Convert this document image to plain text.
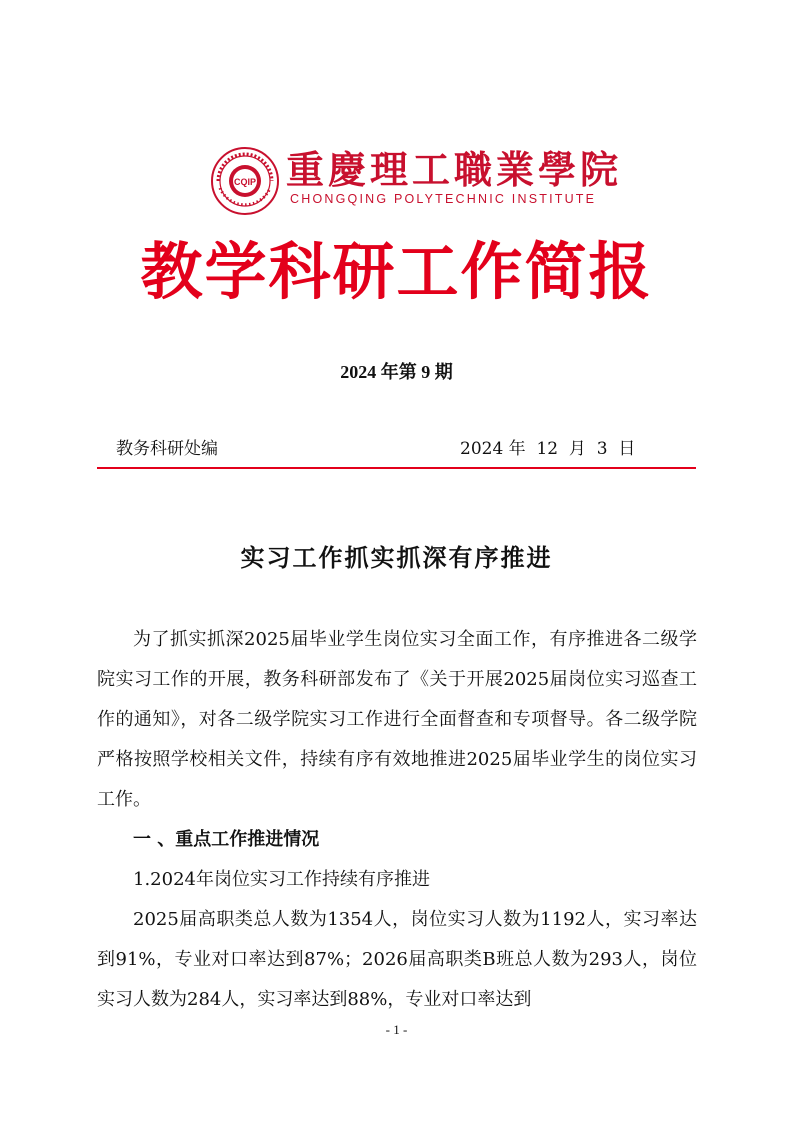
CQIP 重慶理工職業學院
CHONGQING POLYTECHNIC INSTITUTE
教学科研工作简报
2024 年第 9 期
教务科研处编	2024 年  12  月  3  日
实习工作抓实抓深有序推进

为了抓实抓深2025届毕业学生岗位实习全面工作，有序推进各二级学院实习工作的开展，教务科研部发布了《关于开展2025届岗位实习巡查工作的通知》，对各二级学院实习工作进行全面督查和专项督导。各二级学院严格按照学校相关文件，持续有序有效地推进2025届毕业学生的岗位实习工作。

一 、重点工作推进情况

1.2024年岗位实习工作持续有序推进

2025届高职类总人数为1354人，岗位实习人数为1192人，实习率达到91%，专业对口率达到87%；2026届高职类B班总人数为293人，岗位实习人数为284人，实习率达到88%，专业对口率达到

- 1 -
